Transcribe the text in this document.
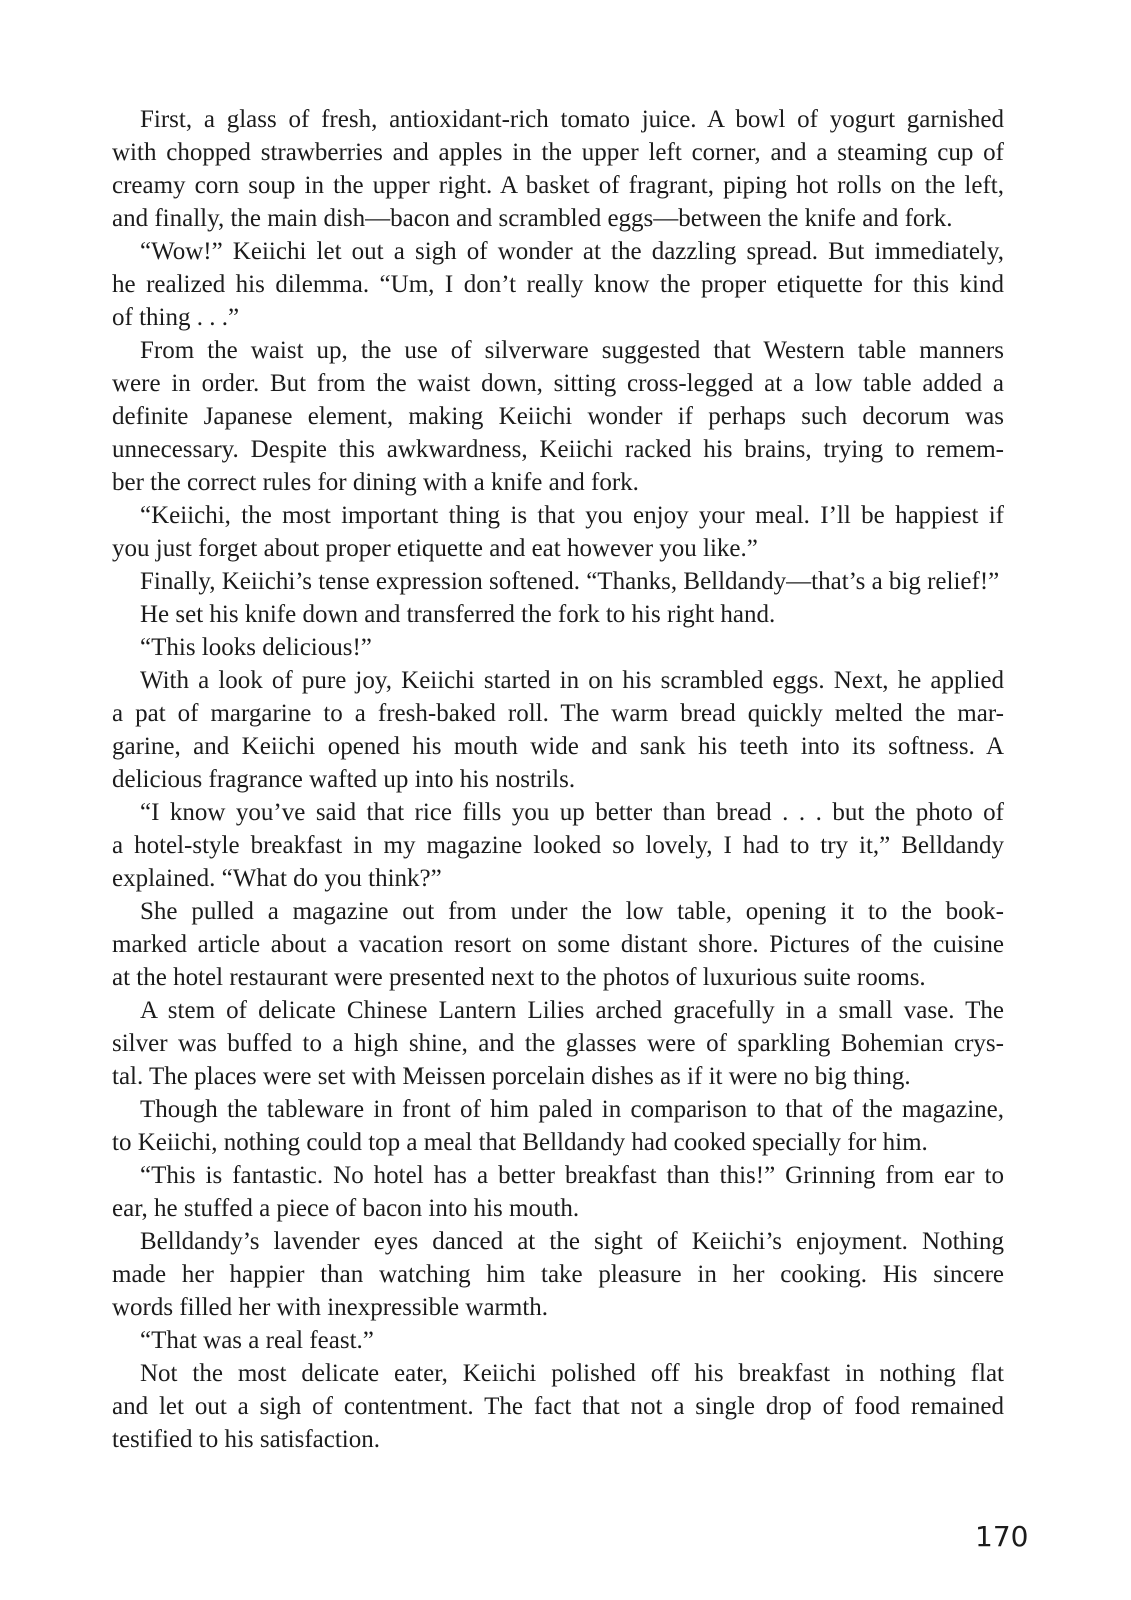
First, a glass of fresh, antioxidant-rich tomato juice. A bowl of yogurt garnished
with chopped strawberries and apples in the upper left corner, and a steaming cup of
creamy corn soup in the upper right. A basket of fragrant, piping hot rolls on the left,
and finally, the main dish—bacon and scrambled eggs—between the knife and fork.
“Wow!” Keiichi let out a sigh of wonder at the dazzling spread. But immediately,
he realized his dilemma. “Um, I don’t really know the proper etiquette for this kind
of thing . . .”
From the waist up, the use of silverware suggested that Western table manners
were in order. But from the waist down, sitting cross-legged at a low table added a
definite Japanese element, making Keiichi wonder if perhaps such decorum was
unnecessary. Despite this awkwardness, Keiichi racked his brains, trying to remem-
ber the correct rules for dining with a knife and fork.
“Keiichi, the most important thing is that you enjoy your meal. I’ll be happiest if
you just forget about proper etiquette and eat however you like.”
Finally, Keiichi’s tense expression softened. “Thanks, Belldandy—that’s a big relief!”
He set his knife down and transferred the fork to his right hand.
“This looks delicious!”
With a look of pure joy, Keiichi started in on his scrambled eggs. Next, he applied
a pat of margarine to a fresh-baked roll. The warm bread quickly melted the mar-
garine, and Keiichi opened his mouth wide and sank his teeth into its softness. A
delicious fragrance wafted up into his nostrils.
“I know you’ve said that rice fills you up better than bread . . . but the photo of
a hotel-style breakfast in my magazine looked so lovely, I had to try it,” Belldandy
explained. “What do you think?”
She pulled a magazine out from under the low table, opening it to the book-
marked article about a vacation resort on some distant shore. Pictures of the cuisine
at the hotel restaurant were presented next to the photos of luxurious suite rooms.
A stem of delicate Chinese Lantern Lilies arched gracefully in a small vase. The
silver was buffed to a high shine, and the glasses were of sparkling Bohemian crys-
tal. The places were set with Meissen porcelain dishes as if it were no big thing.
Though the tableware in front of him paled in comparison to that of the magazine,
to Keiichi, nothing could top a meal that Belldandy had cooked specially for him.
“This is fantastic. No hotel has a better breakfast than this!” Grinning from ear to
ear, he stuffed a piece of bacon into his mouth.
Belldandy’s lavender eyes danced at the sight of Keiichi’s enjoyment. Nothing
made her happier than watching him take pleasure in her cooking. His sincere
words filled her with inexpressible warmth.
“That was a real feast.”
Not the most delicate eater, Keiichi polished off his breakfast in nothing flat
and let out a sigh of contentment. The fact that not a single drop of food remained
testified to his satisfaction.
170
